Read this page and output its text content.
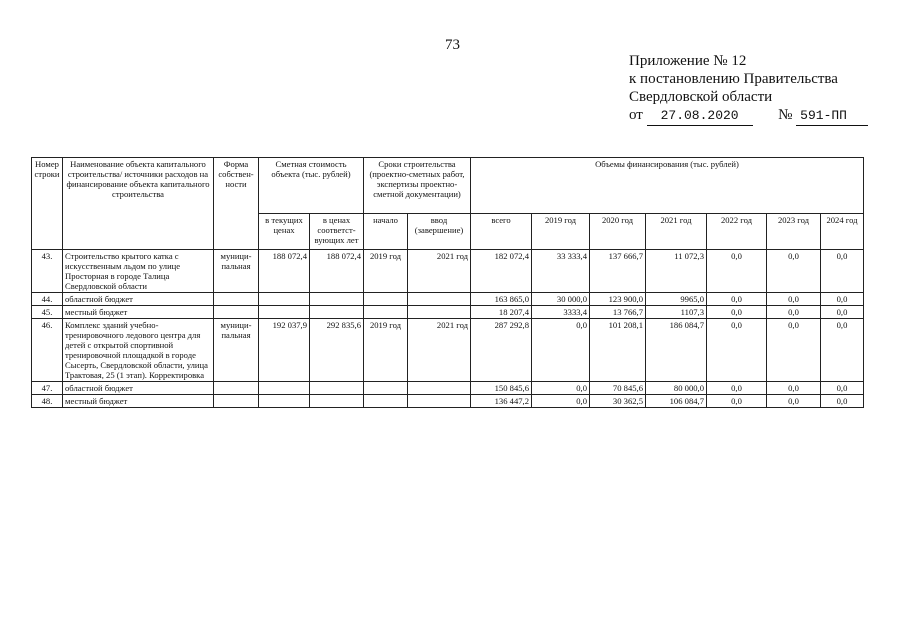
73
Приложение № 12
к постановлению Правительства
Свердловской области
от 27.08.2020	№ 591-ПП
Номер строки	Наименование объекта капитального строительства/ источники расходов на финансирование объекта капитального строительства	Форма собствен-ности	Сметная стоимость объекта (тыс. рублей)		Сроки строительства (проектно-сметных работ, экспертизы проектно-сметной документации)		Объемы финансирования (тыс. рублей)						
			в текущих ценах	в ценах соответст-вующих лет	начало	ввод (завершение)	всего	2019 год	2020 год	2021 год	2022 год	2023 год	2024 год
43.	Строительство крытого катка с искусственным льдом по улице Просторная в городе Талица Свердловской области	муници-пальная	188 072,4	188 072,4	2019 год	2021 год	182 072,4	33 333,4	137 666,7	11 072,3	0,0	0,0	0,0
44.	областной бюджет						163 865,0	30 000,0	123 900,0	9965,0	0,0	0,0	0,0
45.	местный бюджет						18 207,4	3333,4	13 766,7	1107,3	0,0	0,0	0,0
46.	Комплекс зданий учебно-тренировочного ледового центра для детей с открытой спортивной тренировочной площадкой в городе Сысерть, Свердловской области, улица Трактовая, 25 (1 этап). Корректировка	муници-пальная	192 037,9	292 835,6	2019 год	2021 год	287 292,8	0,0	101 208,1	186 084,7	0,0	0,0	0,0
47.	областной бюджет						150 845,6	0,0	70 845,6	80 000,0	0,0	0,0	0,0
48.	местный бюджет						136 447,2	0,0	30 362,5	106 084,7	0,0	0,0	0,0
